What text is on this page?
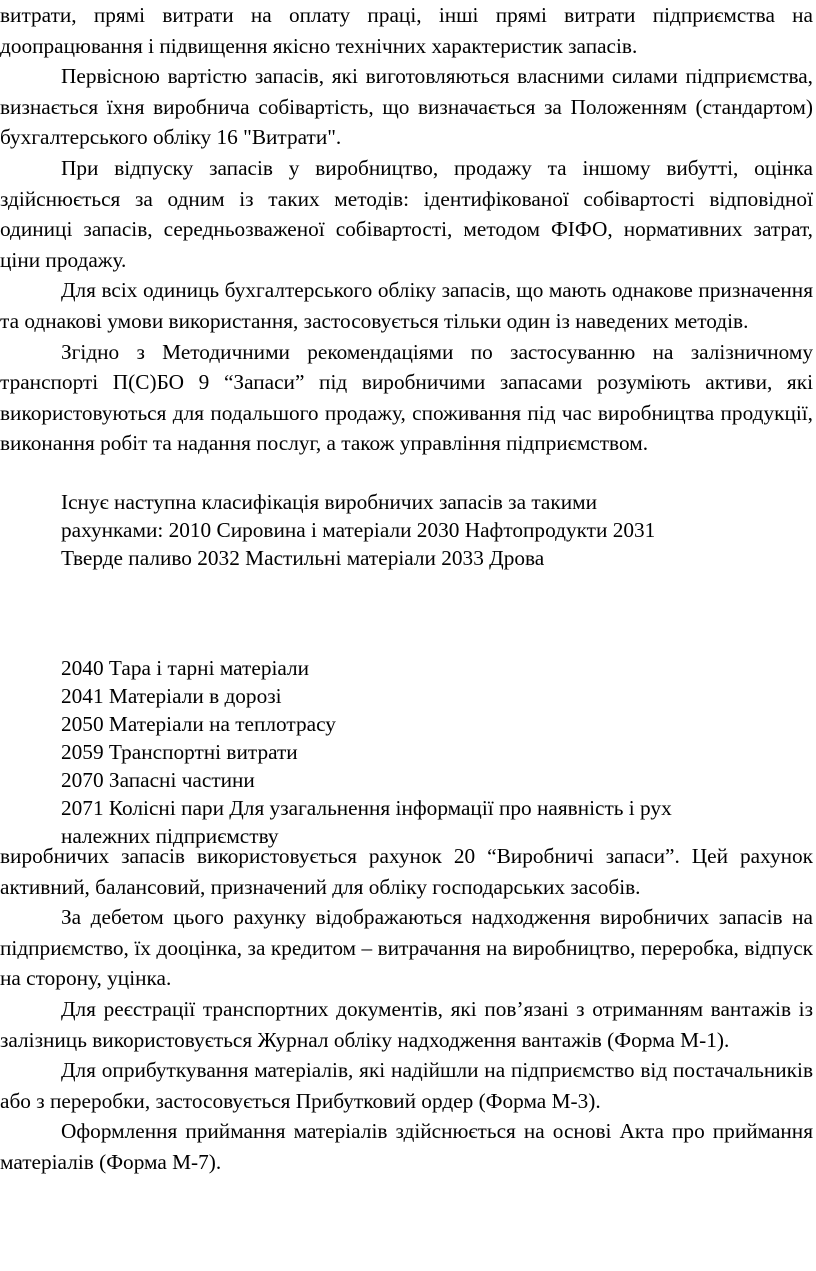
витрати, прямі витрати на оплату праці, інші прямі витрати підприємства на доопрацювання і підвищення якісно технічних характеристик запасів.
Первісною вартістю запасів, які виготовляються власними силами підприємства, визнається їхня виробнича собівартість, що визначається за Положенням (стандартом) бухгалтерського обліку 16 "Витрати".
При відпуску запасів у виробництво, продажу та іншому вибутті, оцінка здійснюється за одним із таких методів: ідентифікованої собівартості відповідної одиниці запасів, середньозваженої собівартості, методом ФІФО, нормативних затрат, ціни продажу.
Для всіх одиниць бухгалтерського обліку запасів, що мають однакове призначення та однакові умови використання, застосовується тільки один із наведених методів.
Згідно з Методичними рекомендаціями по застосуванню на залізничному транспорті П(С)БО 9 “Запаси” під виробничими запасами розуміють активи, які використовуються для подальшого продажу, споживання під час виробництва продукції, виконання робіт та надання послуг, а також управління підприємством.
Існує наступна класифікація виробничих запасів за такими
рахунками: 2010 Сировина і матеріали 2030 Нафтопродукти 2031
Тверде паливо 2032 Мастильні матеріали 2033 Дрова
2040 Тара і тарні матеріали
2041 Матеріали в дорозі
2050 Матеріали на теплотрасу
2059 Транспортні витрати
2070 Запасні частини
2071 Колісні пари Для узагальнення інформації про наявність і рух
належних підприємству
виробничих запасів використовується рахунок 20 “Виробничі запаси”. Цей рахунок активний, балансовий, призначений для обліку господарських засобів.
За дебетом цього рахунку відображаються надходження виробничих запасів на підприємство, їх дооцінка, за кредитом – витрачання на виробництво, переробка, відпуск на сторону, уцінка.
Для реєстрації транспортних документів, які пов’язані з отриманням вантажів із залізниць використовується Журнал обліку надходження вантажів (Форма М-1).
Для оприбуткування матеріалів, які надійшли на підприємство від постачальників або з переробки, застосовується Прибутковий ордер (Форма М-3).
Оформлення приймання матеріалів здійснюється на основі Акта про приймання матеріалів (Форма М-7).
